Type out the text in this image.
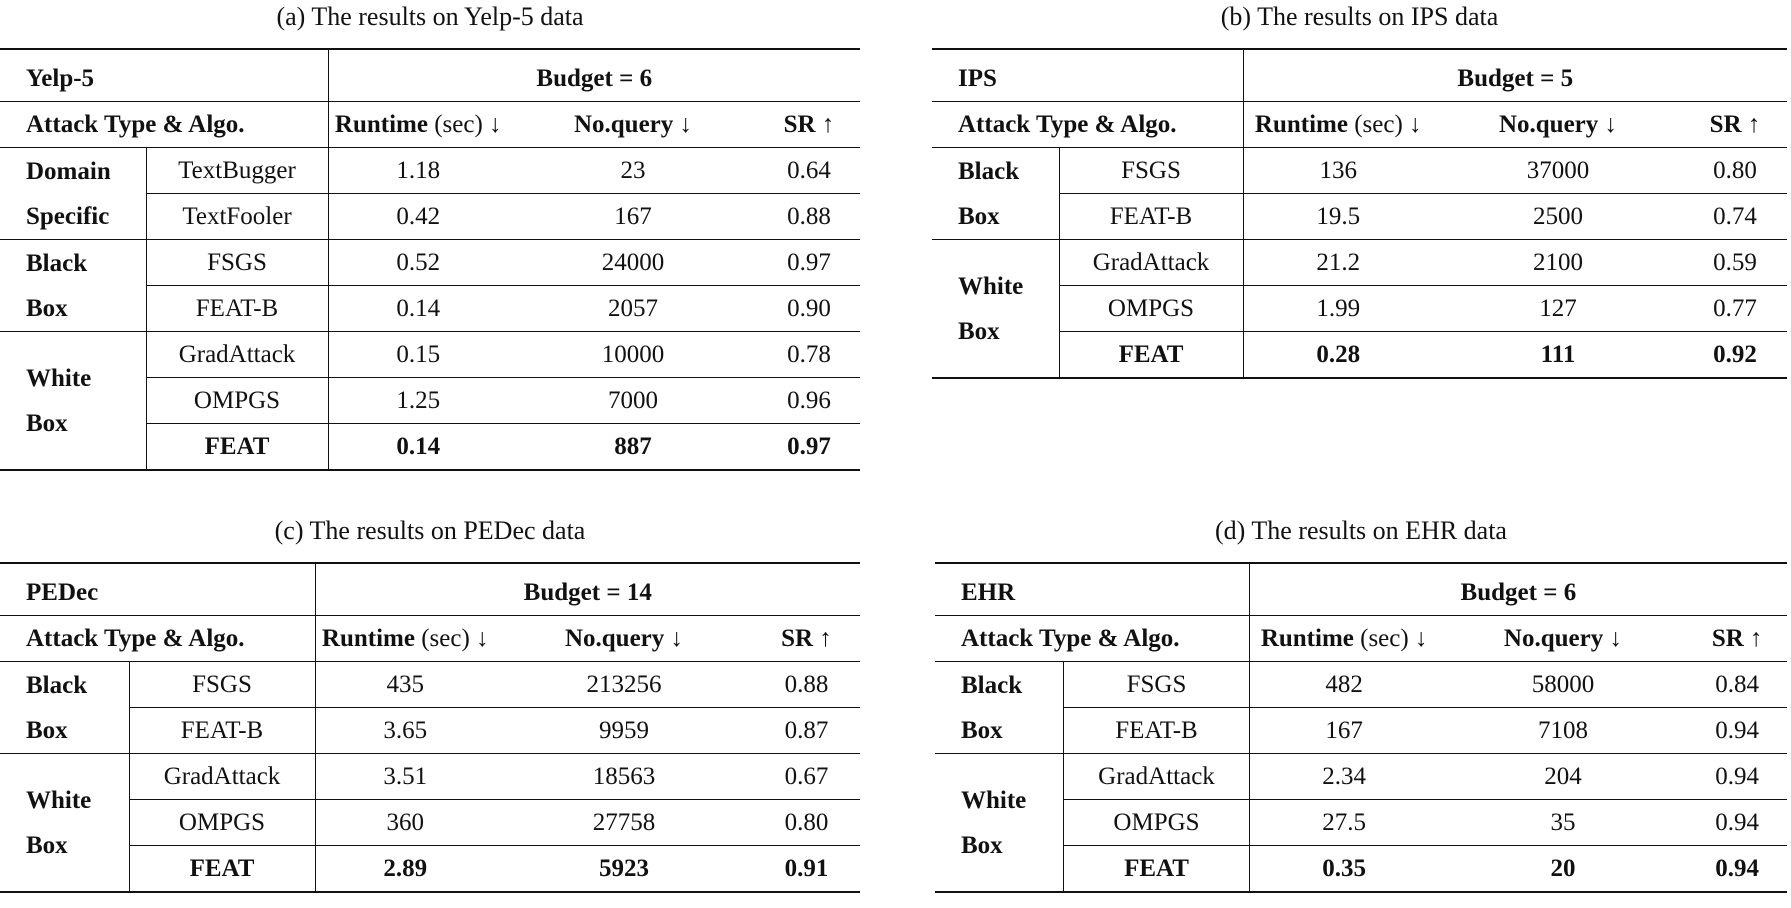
(a) The results on Yelp-5 data
Yelp-5		Budget = 6		
Attack Type & Algo.		Runtime (sec) ↓	No.query ↓	SR ↑

Domain
Specific	TextBugger	1.18	23	0.64
	TextFooler	0.42	167	0.88

Black
Box	FSGS	0.52	24000	0.97
	FEAT-B	0.14	2057	0.90

White
Box	GradAttack	0.15	10000	0.78
	OMPGS	1.25	7000	0.96
	FEAT	0.14	887	0.97
(b) The results on IPS data
IPS		Budget = 5		
Attack Type & Algo.		Runtime (sec) ↓	No.query ↓	SR ↑

Black
Box	FSGS	136	37000	0.80
	FEAT-B	19.5	2500	0.74

White
Box	GradAttack	21.2	2100	0.59
	OMPGS	1.99	127	0.77
	FEAT	0.28	111	0.92
(c) The results on PEDec data
PEDec		Budget = 14		
Attack Type & Algo.		Runtime (sec) ↓	No.query ↓	SR ↑

Black
Box	FSGS	435	213256	0.88
	FEAT-B	3.65	9959	0.87

White
Box	GradAttack	3.51	18563	0.67
	OMPGS	360	27758	0.80
	FEAT	2.89	5923	0.91
(d) The results on EHR data
EHR		Budget = 6		
Attack Type & Algo.		Runtime (sec) ↓	No.query ↓	SR ↑

Black
Box	FSGS	482	58000	0.84
	FEAT-B	167	7108	0.94

White
Box	GradAttack	2.34	204	0.94
	OMPGS	27.5	35	0.94
	FEAT	0.35	20	0.94
